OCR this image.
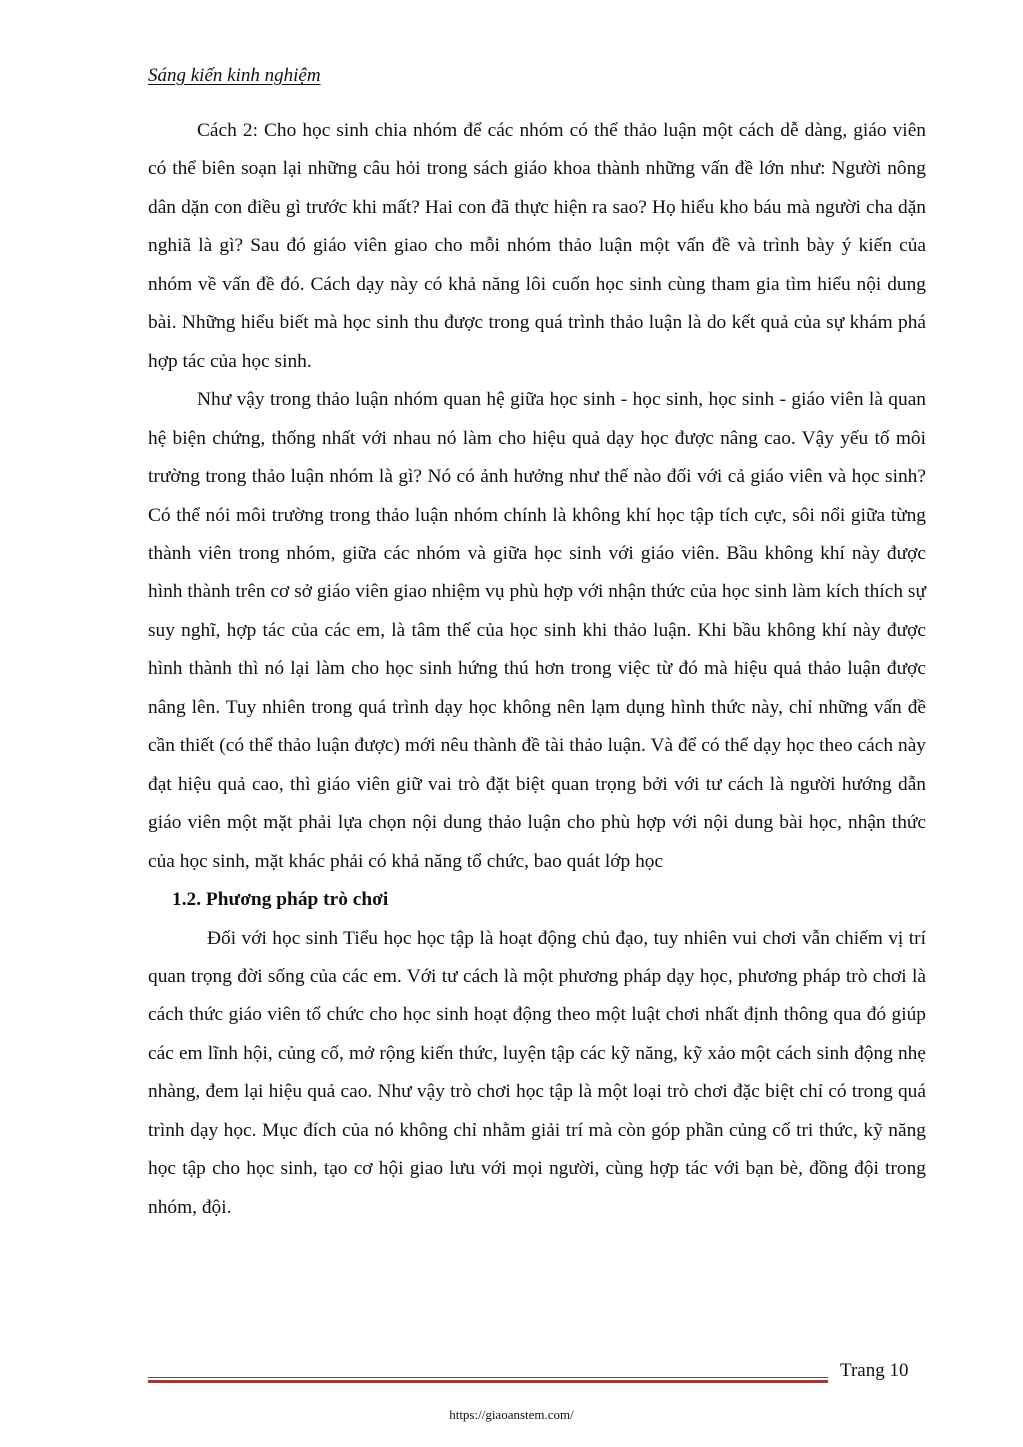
Sáng kiến kinh nghiệm

Cách 2: Cho học sinh chia nhóm để các nhóm có thể thảo luận một cách dễ dàng, giáo viên có thể biên soạn lại những câu hỏi trong sách giáo khoa thành những vấn đề lớn như: Người nông dân dặn con điều gì trước khi mất? Hai con đã thực hiện ra sao? Họ hiểu kho báu mà người cha dặn nghiã là gì? Sau đó giáo viên giao cho mỗi nhóm thảo luận một vấn đề và trình bày ý kiến của nhóm về vấn đề đó. Cách dạy này có khả năng lôi cuốn học sinh cùng tham gia tìm hiểu nội dung bài. Những hiểu biết mà học sinh thu được trong quá trình thảo luận là do kết quả của sự khám phá hợp tác của học sinh.

Như vậy trong thảo luận nhóm quan hệ giữa học sinh - học sinh, học sinh - giáo viên là quan hệ biện chứng, thống nhất với nhau nó làm cho hiệu quả dạy học được nâng cao. Vậy yếu tố môi trường trong thảo luận nhóm là gì? Nó có ảnh hưởng như thế nào đối với cả giáo viên và học sinh? Có thể nói môi trường trong thảo luận nhóm chính là không khí học tập tích cực, sôi nổi giữa từng thành viên trong nhóm, giữa các nhóm và giữa học sinh với giáo viên. Bầu không khí này được hình thành trên cơ sở giáo viên giao nhiệm vụ phù hợp với nhận thức của học sinh làm kích thích sự suy nghĩ, hợp tác của các em, là tâm thế của học sinh khi thảo luận. Khi bầu không khí này được hình thành thì nó lại làm cho học sinh hứng thú hơn trong việc từ đó mà hiệu quả thảo luận được nâng lên. Tuy nhiên trong quá trình dạy học không nên lạm dụng hình thức này, chỉ những vấn đề cần thiết (có thể thảo luận được) mới nêu thành đề tài thảo luận. Và để có thể dạy học theo cách này đạt hiệu quả cao, thì giáo viên giữ vai trò đặt biệt quan trọng bởi với tư cách là người hướng dẫn giáo viên một mặt phải lựa chọn nội dung thảo luận cho phù hợp với nội dung bài học, nhận thức của học sinh, mặt khác phải có khả năng tổ chức, bao quát lớp học

1.2. Phương pháp trò chơi

Đối với học sinh Tiểu học học tập là hoạt động chủ đạo, tuy nhiên vui chơi vẫn chiếm vị trí quan trọng đời sống của các em. Với tư cách là một phương pháp dạy học, phương pháp trò chơi là cách thức giáo viên tổ chức cho học sinh hoạt động theo một luật chơi nhất định thông qua đó giúp các em lĩnh hội, củng cố, mở rộng kiến thức, luyện tập các kỹ năng, kỹ xảo một cách sinh động nhẹ nhàng, đem lại hiệu quả cao. Như vậy trò chơi học tập là một loại trò chơi đặc biệt chỉ có trong quá trình dạy học. Mục đích của nó không chỉ nhằm giải trí mà còn góp phần củng cố tri thức, kỹ năng học tập cho học sinh, tạo cơ hội giao lưu với mọi người, cùng hợp tác với bạn bè, đồng đội trong nhóm, đội.

Trang 10
https://giaoanstem.com/
